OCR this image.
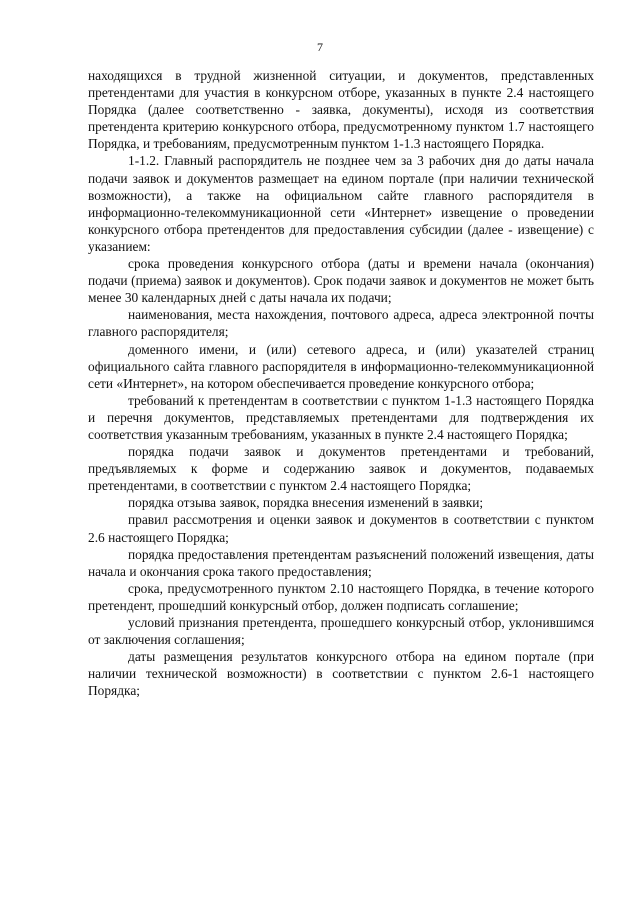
7

находящихся в трудной жизненной ситуации, и документов, представленных претендентами для участия в конкурсном отборе, указанных в пункте 2.4 настоящего Порядка (далее соответственно - заявка, документы), исходя из соответствия претендента критерию конкурсного отбора, предусмотренному пунктом 1.7 настоящего Порядка, и требованиям, предусмотренным пунктом 1-1.3 настоящего Порядка.

1-1.2. Главный распорядитель не позднее чем за 3 рабочих дня до даты начала подачи заявок и документов размещает на едином портале (при наличии технической возможности), а также на официальном сайте главного распорядителя в информационно-телекоммуникационной сети «Интернет» извещение о проведении конкурсного отбора претендентов для предоставления субсидии (далее - извещение) с указанием:

срока проведения конкурсного отбора (даты и времени начала (окончания) подачи (приема) заявок и документов). Срок подачи заявок и документов не может быть менее 30 календарных дней с даты начала их подачи;

наименования, места нахождения, почтового адреса, адреса электронной почты главного распорядителя;

доменного имени, и (или) сетевого адреса, и (или) указателей страниц официального сайта главного распорядителя в информационно-телекоммуникационной сети «Интернет», на котором обеспечивается проведение конкурсного отбора;

требований к претендентам в соответствии с пунктом 1-1.3 настоящего Порядка и перечня документов, представляемых претендентами для подтверждения их соответствия указанным требованиям, указанных в пункте 2.4 настоящего Порядка;

порядка подачи заявок и документов претендентами и требований, предъявляемых к форме и содержанию заявок и документов, подаваемых претендентами, в соответствии с пунктом 2.4 настоящего Порядка;

порядка отзыва заявок, порядка внесения изменений в заявки;

правил рассмотрения и оценки заявок и документов в соответствии с пунктом 2.6 настоящего Порядка;

порядка предоставления претендентам разъяснений положений извещения, даты начала и окончания срока такого предоставления;

срока, предусмотренного пунктом 2.10 настоящего Порядка, в течение которого претендент, прошедший конкурсный отбор, должен подписать соглашение;

условий признания претендента, прошедшего конкурсный отбор, уклонившимся от заключения соглашения;

даты размещения результатов конкурсного отбора на едином портале (при наличии технической возможности) в соответствии с пунктом 2.6-1 настоящего Порядка;
